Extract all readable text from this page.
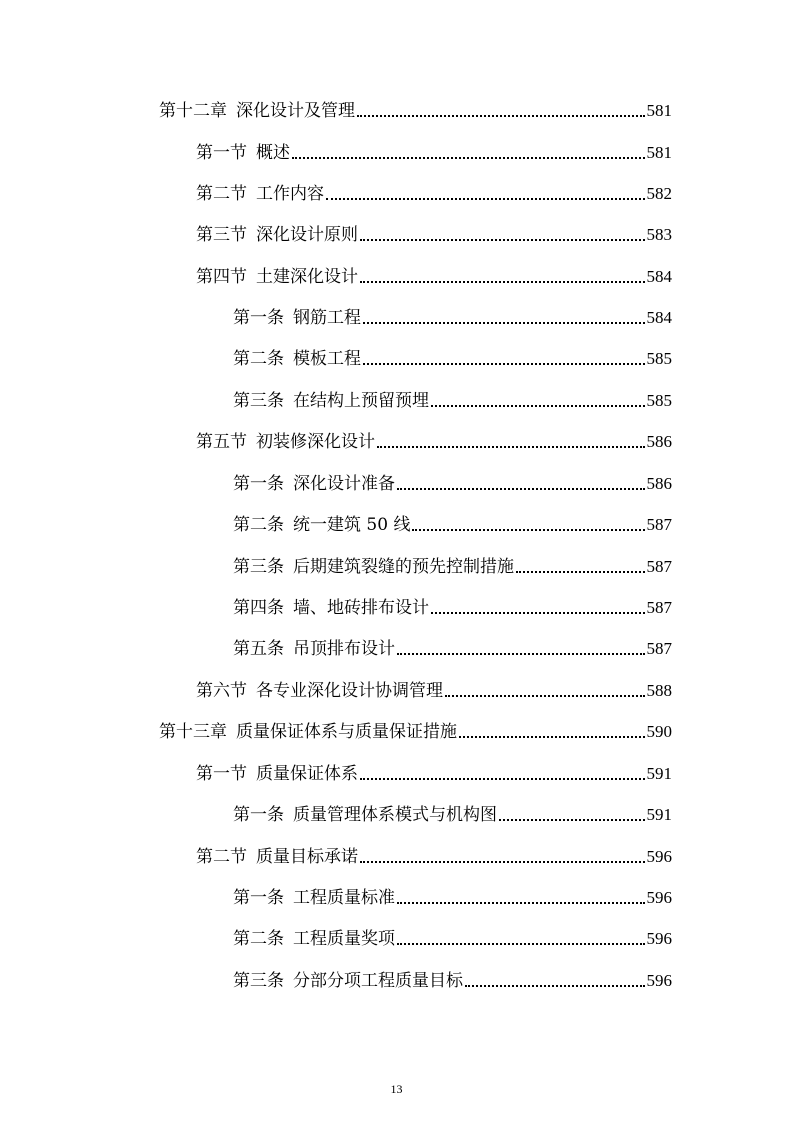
第十二章 深化设计及管理	581
第一节 概述	581
第二节 工作内容	582
第三节 深化设计原则	583
第四节 土建深化设计	584
第一条 钢筋工程	584
第二条 模板工程	585
第三条 在结构上预留预埋	585
第五节 初装修深化设计	586
第一条 深化设计准备	586
第二条 统一建筑 50 线	587
第三条 后期建筑裂缝的预先控制措施	587
第四条 墙、地砖排布设计	587
第五条 吊顶排布设计	587
第六节 各专业深化设计协调管理	588
第十三章 质量保证体系与质量保证措施	590
第一节 质量保证体系	591
第一条 质量管理体系模式与机构图	591
第二节 质量目标承诺	596
第一条 工程质量标准	596
第二条 工程质量奖项	596
第三条 分部分项工程质量目标	596
13
